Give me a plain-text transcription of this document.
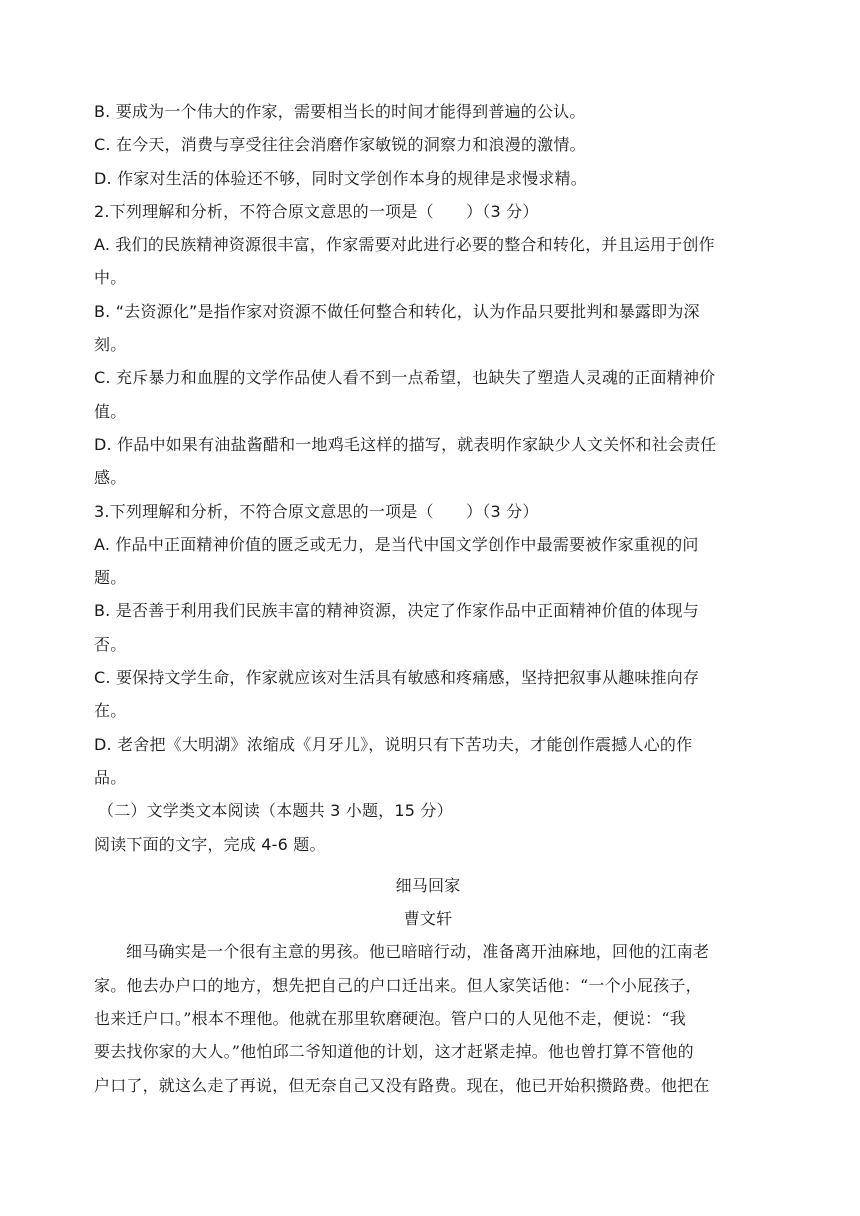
B. 要成为一个伟大的作家，需要相当长的时间才能得到普遍的公认。
C. 在今天，消费与享受往往会消磨作家敏锐的洞察力和浪漫的激情。
D. 作家对生活的体验还不够，同时文学创作本身的规律是求慢求精。
2.下列理解和分析，不符合原文意思的一项是（　　）（3 分）
A. 我们的民族精神资源很丰富，作家需要对此进行必要的整合和转化，并且运用于创作
中。
B. “去资源化”是指作家对资源不做任何整合和转化，认为作品只要批判和暴露即为深
刻。
C. 充斥暴力和血腥的文学作品使人看不到一点希望，也缺失了塑造人灵魂的正面精神价
值。
D. 作品中如果有油盐酱醋和一地鸡毛这样的描写，就表明作家缺少人文关怀和社会责任
感。
3.下列理解和分析，不符合原文意思的一项是（　　）（3 分）
A. 作品中正面精神价值的匮乏或无力，是当代中国文学创作中最需要被作家重视的问
题。
B. 是否善于利用我们民族丰富的精神资源，决定了作家作品中正面精神价值的体现与
否。
C. 要保持文学生命，作家就应该对生活具有敏感和疼痛感，坚持把叙事从趣味推向存
在。
D. 老舍把《大明湖》浓缩成《月牙儿》，说明只有下苦功夫，才能创作震撼人心的作
品。
（二）文学类文本阅读（本题共 3 小题，15 分）
阅读下面的文字，完成 4-6 题。
细马回家
曹文轩
细马确实是一个很有主意的男孩。他已暗暗行动，准备离开油麻地，回他的江南老
家。他去办户口的地方，想先把自己的户口迁出来。但人家笑话他：“一个小屁孩子，
也来迁户口。”根本不理他。他就在那里软磨硬泡。管户口的人见他不走，便说：“我
要去找你家的大人。”他怕邱二爷知道他的计划，这才赶紧走掉。他也曾打算不管他的
户口了，就这么走了再说，但无奈自己又没有路费。现在，他已开始积攒路费。他把在
